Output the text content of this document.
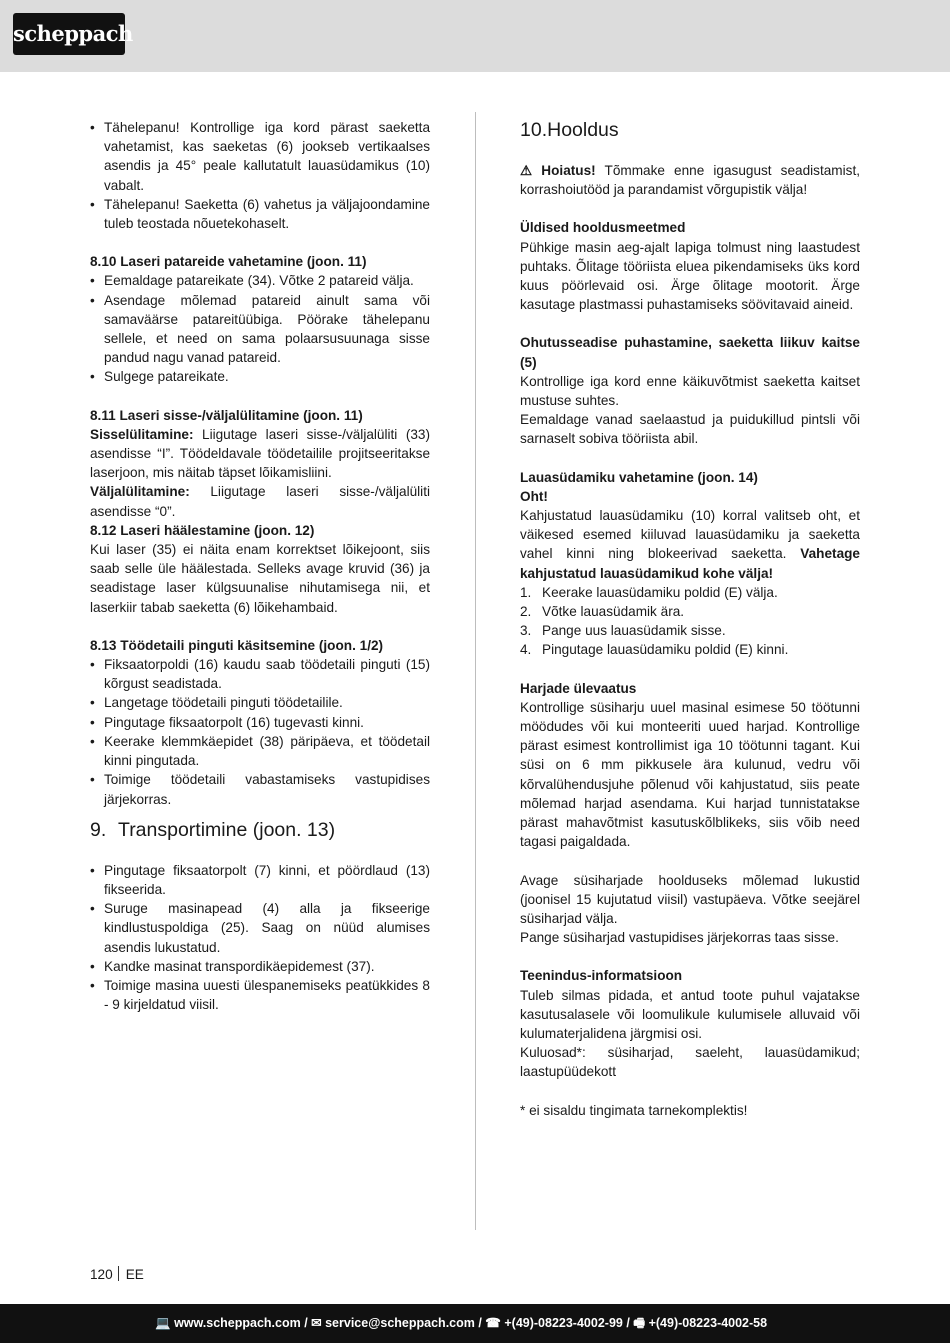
scheppach
• Tähelepanu! Kontrollige iga kord pärast saeketta vahetamist, kas saeketas (6) jookseb vertikaalses asendis ja 45° peale kallutatult lauasüdamikus (10) vabalt.
• Tähelepanu! Saeketta (6) vahetus ja väljajoondamine tuleb teostada nõuetekohaselt.

8.10 Laseri patareide vahetamine (joon. 11)

• Eemaldage patareikate (34). Võtke 2 patareid välja.
• Asendage mõlemad patareid ainult sama või samaväärse patareitüübiga. Pöörake tähelepanu sellele, et need on sama polaarsusuunaga sisse pandud nagu vanad patareid.
• Sulgege patareikate.

8.11 Laseri sisse-/väljalülitamine (joon. 11)

Sisselülitamine: Liigutage laseri sisse-/väljalüliti (33) asendisse “I”. Töödeldavale töödetailile projitseeritakse laserjoon, mis näitab täpset lõikamisliini.

Väljalülitamine: Liigutage laseri sisse-/väljalüliti asendisse “0”.

8.12 Laseri häälestamine (joon. 12)

Kui laser (35) ei näita enam korrektset lõikejoont, siis saab selle üle häälestada. Selleks avage kruvid (36) ja seadistage laser külgsuunalise nihutamisega nii, et laserkiir tabab saeketta (6) lõikehambaid.

8.13 Töödetaili pinguti käsitsemine (joon. 1/2)

• Fiksaatorpoldi (16) kaudu saab töödetaili pinguti (15) kõrgust seadistada.
• Langetage töödetaili pinguti töödetailile.
• Pingutage fiksaatorpolt (16) tugevasti kinni.
• Keerake klemmkäepidet (38) päripäeva, et töödetail kinni pingutada.
• Toimige töödetaili vabastamiseks vastupidises järjekorras.

9. Transportimine (joon. 13)

• Pingutage fiksaatorpolt (7) kinni, et pöördlaud (13) fikseerida.
• Suruge masinapead (4) alla ja fikseerige kindlustuspoldiga (25). Saag on nüüd alumises asendis lukustatud.
• Kandke masinat transpordikäepidemest (37).
• Toimige masina uuesti ülespanemiseks peatükkides 8 - 9 kirjeldatud viisil.

10.Hooldus

⚠ Hoiatus! Tõmmake enne igasugust seadistamist, korrashoiutööd ja parandamist võrgupistik välja!

Üldised hooldusmeetmed

Pühkige masin aeg-ajalt lapiga tolmust ning laastudest puhtaks. Õlitage tööriista eluea pikendamiseks üks kord kuus pöörlevaid osi. Ärge õlitage mootorit. Ärge kasutage plastmassi puhastamiseks söövitavaid aineid.

Ohutusseadise puhastamine, saeketta liikuv kaitse (5)

Kontrollige iga kord enne käikuvõtmist saeketta kaitset mustuse suhtes.

Eemaldage vanad saelaastud ja puidukillud pintsli või sarnaselt sobiva tööriista abil.

Lauasüdamiku vahetamine (joon. 14)

Oht!

Kahjustatud lauasüdamiku (10) korral valitseb oht, et väikesed esemed kiiluvad lauasüdamiku ja saeketta vahel kinni ning blokeerivad saeketta. Vahetage kahjustatud lauasüdamikud kohe välja!

1. Keerake lauasüdamiku poldid (E) välja.
2. Võtke lauasüdamik ära.
3. Pange uus lauasüdamik sisse.
4. Pingutage lauasüdamiku poldid (E) kinni.

Harjade ülevaatus

Kontrollige süsiharju uuel masinal esimese 50 töötunni möödudes või kui monteeriti uued harjad. Kontrollige pärast esimest kontrollimist iga 10 töötunni tagant. Kui süsi on 6 mm pikkusele ära kulunud, vedru või kõrvalühendusjuhe põlenud või kahjustatud, siis peate mõlemad harjad asendama. Kui harjad tunnistatakse pärast mahavõtmist kasutuskõlblikeks, siis võib need tagasi paigaldada.

Avage süsiharjade hoolduseks mõlemad lukustid (joonisel 15 kujutatud viisil) vastupäeva. Võtke seejärel süsiharjad välja.

Pange süsiharjad vastupidises järjekorras taas sisse.

Teenindus-informatsioon

Tuleb silmas pidada, et antud toote puhul vajatakse kasutusalasele või loomulikule kulumisele alluvaid või kulumaterjalidena järgmisi osi.

Kuluosad*: süsiharjad, saeleht, lauasüdamikud; laastupüüdekott

* ei sisaldu tingimata tarnekomplektis!

120 EE
💻 www.scheppach.com / ✉ service@scheppach.com / ☎ +(49)-08223-4002-99 / 🖷 +(49)-08223-4002-58
